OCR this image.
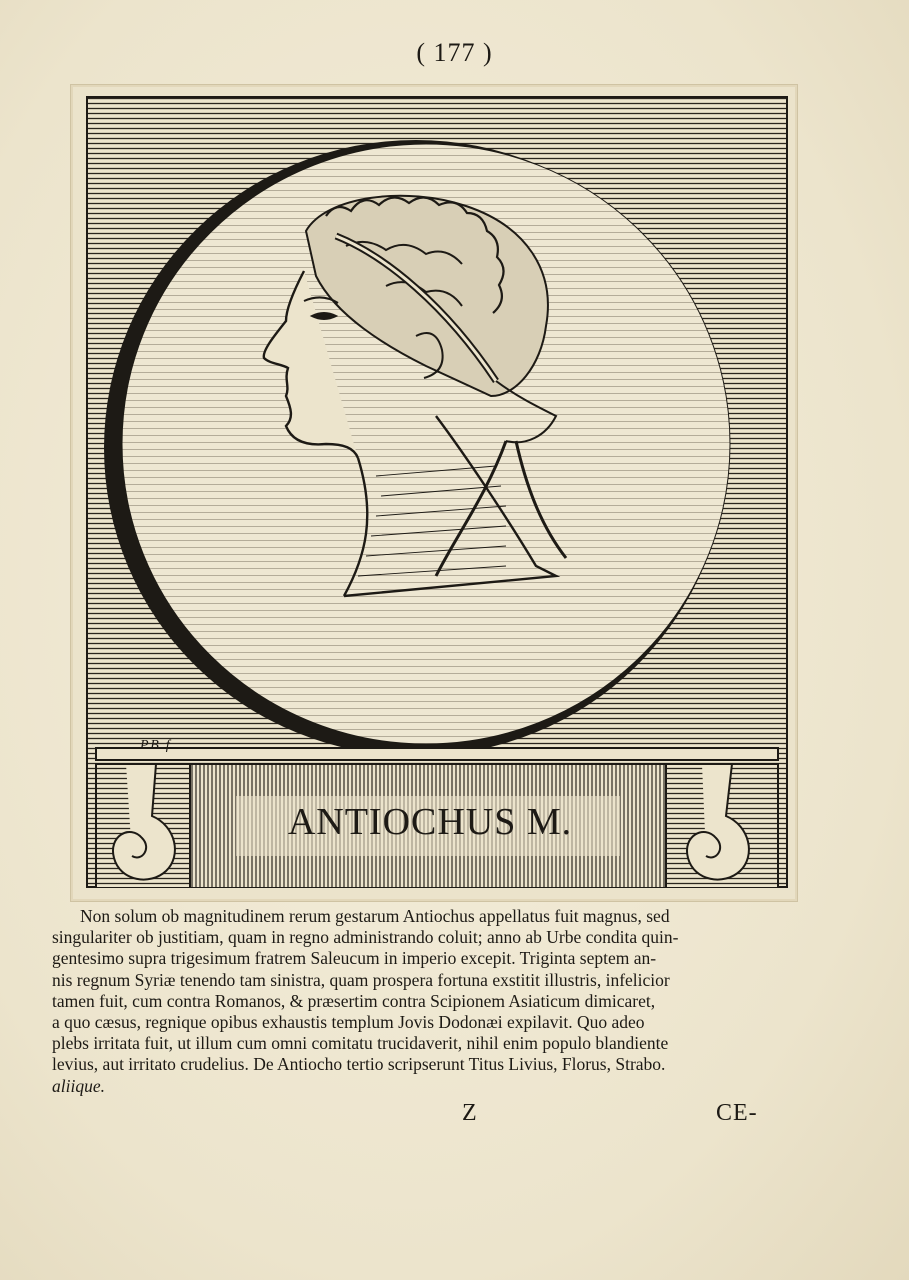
( 177 )
P.B. f.
ANTIOCHUS M.
Non solum ob magnitudinem rerum gestarum Antiochus appellatus fuit magnus, sed
singulariter ob justitiam, quam in regno administrando coluit; anno ab Urbe condita quin-
gentesimo supra trigesimum fratrem Saleucum in imperio excepit. Triginta septem an-
nis regnum Syriæ tenendo tam sinistra, quam prospera fortuna exstitit illustris, infelicior
tamen fuit, cum contra Romanos, & præsertim contra Scipionem Asiaticum dimicaret,
a quo cæsus, regnique opibus exhaustis templum Jovis Dodonæi expilavit. Quo adeo
plebs irritata fuit, ut illum cum omni comitatu trucidaverit, nihil enim populo blandiente
levius, aut irritato crudelius. De Antiocho tertio scripserunt Titus Livius, Florus, Strabo.
aliique.
Z	CE-
